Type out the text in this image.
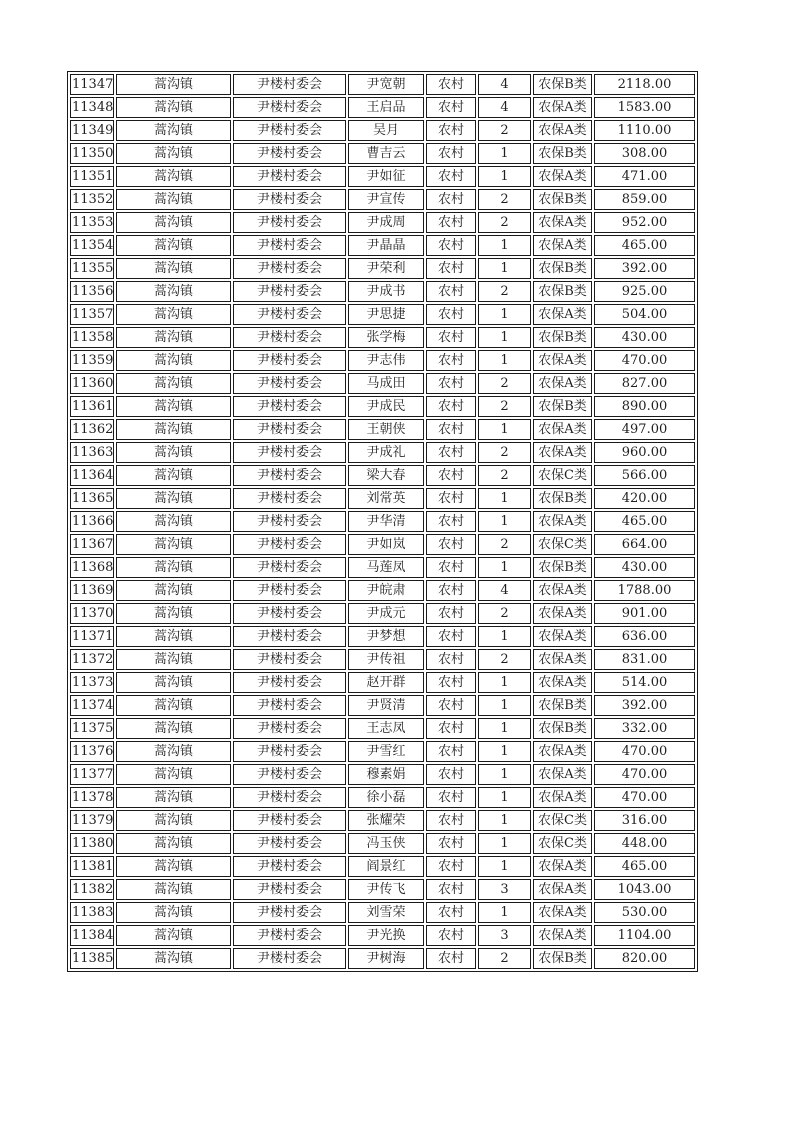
11347	蒿沟镇	尹楼村委会	尹宽朝	农村	4	农保B类	2118.00
11348	蒿沟镇	尹楼村委会	王启品	农村	4	农保A类	1583.00
11349	蒿沟镇	尹楼村委会	吴月	农村	2	农保A类	1110.00
11350	蒿沟镇	尹楼村委会	曹吉云	农村	1	农保B类	308.00
11351	蒿沟镇	尹楼村委会	尹如征	农村	1	农保A类	471.00
11352	蒿沟镇	尹楼村委会	尹宣传	农村	2	农保B类	859.00
11353	蒿沟镇	尹楼村委会	尹成周	农村	2	农保A类	952.00
11354	蒿沟镇	尹楼村委会	尹晶晶	农村	1	农保A类	465.00
11355	蒿沟镇	尹楼村委会	尹荣利	农村	1	农保B类	392.00
11356	蒿沟镇	尹楼村委会	尹成书	农村	2	农保B类	925.00
11357	蒿沟镇	尹楼村委会	尹思捷	农村	1	农保A类	504.00
11358	蒿沟镇	尹楼村委会	张学梅	农村	1	农保B类	430.00
11359	蒿沟镇	尹楼村委会	尹志伟	农村	1	农保A类	470.00
11360	蒿沟镇	尹楼村委会	马成田	农村	2	农保A类	827.00
11361	蒿沟镇	尹楼村委会	尹成民	农村	2	农保B类	890.00
11362	蒿沟镇	尹楼村委会	王朝侠	农村	1	农保A类	497.00
11363	蒿沟镇	尹楼村委会	尹成礼	农村	2	农保A类	960.00
11364	蒿沟镇	尹楼村委会	梁大春	农村	2	农保C类	566.00
11365	蒿沟镇	尹楼村委会	刘常英	农村	1	农保B类	420.00
11366	蒿沟镇	尹楼村委会	尹华清	农村	1	农保A类	465.00
11367	蒿沟镇	尹楼村委会	尹如岚	农村	2	农保C类	664.00
11368	蒿沟镇	尹楼村委会	马莲凤	农村	1	农保B类	430.00
11369	蒿沟镇	尹楼村委会	尹皖肃	农村	4	农保A类	1788.00
11370	蒿沟镇	尹楼村委会	尹成元	农村	2	农保A类	901.00
11371	蒿沟镇	尹楼村委会	尹梦想	农村	1	农保A类	636.00
11372	蒿沟镇	尹楼村委会	尹传祖	农村	2	农保A类	831.00
11373	蒿沟镇	尹楼村委会	赵开群	农村	1	农保A类	514.00
11374	蒿沟镇	尹楼村委会	尹贤清	农村	1	农保B类	392.00
11375	蒿沟镇	尹楼村委会	王志凤	农村	1	农保B类	332.00
11376	蒿沟镇	尹楼村委会	尹雪红	农村	1	农保A类	470.00
11377	蒿沟镇	尹楼村委会	穆素娟	农村	1	农保A类	470.00
11378	蒿沟镇	尹楼村委会	徐小磊	农村	1	农保A类	470.00
11379	蒿沟镇	尹楼村委会	张耀荣	农村	1	农保C类	316.00
11380	蒿沟镇	尹楼村委会	冯玉侠	农村	1	农保C类	448.00
11381	蒿沟镇	尹楼村委会	阎景红	农村	1	农保A类	465.00
11382	蒿沟镇	尹楼村委会	尹传飞	农村	3	农保A类	1043.00
11383	蒿沟镇	尹楼村委会	刘雪荣	农村	1	农保A类	530.00
11384	蒿沟镇	尹楼村委会	尹光换	农村	3	农保A类	1104.00
11385	蒿沟镇	尹楼村委会	尹树海	农村	2	农保B类	820.00
